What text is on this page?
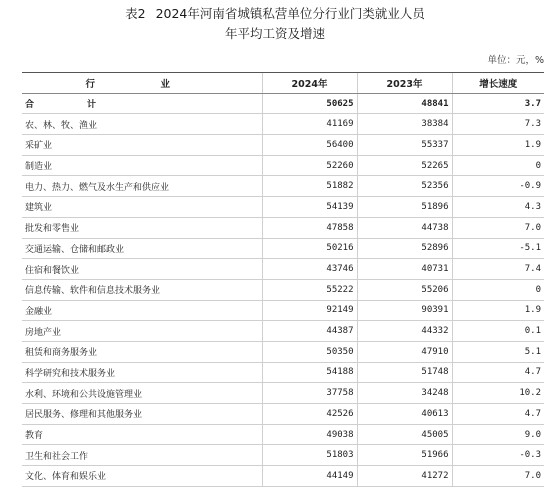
表2 2024年河南省城镇私营单位分行业门类就业人员
年平均工资及增速
单位：元，%
行　业	2024年	2023年	增长速度
合　计	50625	48841	3.7
农、林、牧、渔业	41169	38384	7.3
采矿业	56400	55337	1.9
制造业	52260	52265	0
电力、热力、燃气及水生产和供应业	51882	52356	-0.9
建筑业	54139	51896	4.3
批发和零售业	47858	44738	7.0
交通运输、仓储和邮政业	50216	52896	-5.1
住宿和餐饮业	43746	40731	7.4
信息传输、软件和信息技术服务业	55222	55206	0
金融业	92149	90391	1.9
房地产业	44387	44332	0.1
租赁和商务服务业	50350	47910	5.1
科学研究和技术服务业	54188	51748	4.7
水利、环境和公共设施管理业	37758	34248	10.2
居民服务、修理和其他服务业	42526	40613	4.7
教育	49038	45005	9.0
卫生和社会工作	51803	51966	-0.3
文化、体育和娱乐业	44149	41272	7.0
